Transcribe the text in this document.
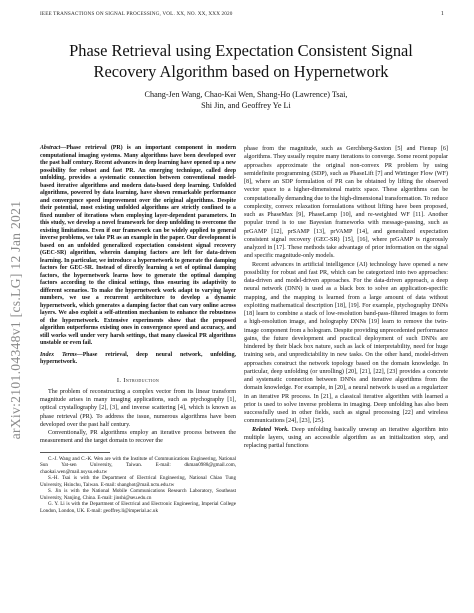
IEEE TRANSACTIONS ON SIGNAL PROCESSING, VOL. XX, NO. XX, XXX 2020	1
Phase Retrieval using Expectation Consistent Signal
Recovery Algorithm based on Hypernetwork
Chang-Jen Wang, Chao-Kai Wen, Shang-Ho (Lawrence) Tsai,
Shi Jin, and Geoffrey Ye Li
arXiv:2101.04348v1 [cs.LG] 12 Jan 2021
Abstract—Phase retrieval (PR) is an important component in modern computational imaging systems. Many algorithms have been developed over the past half century. Recent advances in deep learning have opened up a new possibility for robust and fast PR. An emerging technique, called deep unfolding, provides a systematic connection between conventional model-based iterative algorithms and modern data-based deep learning. Unfolded algorithms, powered by data learning, have shown remarkable performance and convergence speed improvement over the original algorithms. Despite their potential, most existing unfolded algorithms are strictly confined to a fixed number of iterations when employing layer-dependent parameters. In this study, we develop a novel framework for deep unfolding to overcome the existing limitations. Even if our framework can be widely applied to general inverse problems, we take PR as an example in the paper. Our development is based on an unfolded generalized expectation consistent signal recovery (GEC-SR) algorithm, wherein damping factors are left for data-driven learning. In particular, we introduce a hypernetwork to generate the damping factors for GEC-SR. Instead of directly learning a set of optimal damping factors, the hypernetwork learns how to generate the optimal damping factors according to the clinical settings, thus ensuring its adaptivity to different scenarios. To make the hypernetwork work adapt to varying layer numbers, we use a recurrent architecture to develop a dynamic hypernetwork, which generates a damping factor that can vary online across layers. We also exploit a self-attention mechanism to enhance the robustness of the hypernetwork. Extensive experiments show that the proposed algorithm outperforms existing ones in convergence speed and accuracy, and still works well under very harsh settings, that many classical PR algorithms unstable or even fail.
Index Terms—Phase retrieval, deep neural network, unfolding, hypernetwork.
I. Introduction
The problem of reconstructing a complex vector from its linear transform magnitude arises in many imaging applications, such as ptychography [1], optical crystallography [2], [3], and inverse scattering [4], which is known as phase retrieval (PR). To address the issue, numerous algorithms have been developed over the past half century.
Conventionally, PR algorithms employ an iterative process between the measurement and the target domain to recover the

C.-J. Wang and C.-K. Wen are with the Institute of Communications Engineering, National Sun Yat-sen University, Taiwan. E-mail: dkman0988@gmail.com, chaokai.wen@mail.nsysu.edu.tw

S.-H. Tsai is with the Department of Electrical Engineering, National Chiao Tung University, Hsinchu, Taiwan. E-mail: shanghot@mail.nctu.edu.tw

S. Jin is with the National Mobile Communications Research Laboratory, Southeast University, Nanjing, China. E-mail: jinshi@seu.edu.cn

G. Y. Li is with the Department of Electrical and Electronic Engineering, Imperial College London, London, UK. E-mail: geoffrey.li@imperial.ac.uk

phase from the magnitude, such as Gerchberg-Saxton [5] and Fienup [6] algorithms. They usually require many iterations to converge. Some recent popular approaches approximate the original non-convex PR problem by using semidefinite programming (SDP), such as PhaseLift [7] and Wirtinger Flow (WF) [8], where an SDP formulation of PR can be obtained by lifting the observed vector space to a higher-dimensional matrix space. These algorithms can be computationally demanding due to the high-dimensional transformation. To reduce complexity, convex relaxation formulations without lifting have been proposed, such as PhaseMax [9], PhaseLamp [10], and re-weighted WF [11]. Another popular trend is to use Bayesian frameworks with message-passing, such as prGAMP [12], prSAMP [13], prVAMP [14], and generalized expectation consistent signal recovery (GEC-SR) [15], [16], where prGAMP is rigorously analyzed in [17]. These methods take advantage of prior information on the signal and specific magnitude-only models.

Recent advances in artificial intelligence (AI) technology have opened a new possibility for robust and fast PR, which can be categorized into two approaches: data-driven and model-driven approaches. For the data-driven approach, a deep neural network (DNN) is used as a black box to solve an application-specific mapping, and the mapping is learned from a large amount of data without exploiting mathematical description [18], [19]. For example, ptychography DNNs [18] learn to combine a stack of low-resolution band-pass-filtered images to form a high-resolution image, and holography DNNs [19] learn to remove the twin-image component from a hologram. Despite providing unprecedented performance gains, the future development and practical deployment of such DNNs are hindered by their black box nature, such as lack of interpretability, need for huge training sets, and unpredictability in new tasks. On the other hand, model-driven approaches construct the network topology based on the domain knowledge. In particular, deep unfolding (or unrolling) [20], [21], [22], [23] provides a concrete and systematic connection between DNNs and iterative algorithms from the domain knowledge. For example, in [20], a neural network is used as a regularizer in an iterative PR process. In [21], a classical iterative algorithm with learned a prior is used to solve inverse problems in imaging. Deep unfolding has also been successfully used in other fields, such as signal processing [22] and wireless communications [24], [23], [25].

Related Work. Deep unfolding basically unwrap an iterative algorithm into multiple layers, using an accessible algorithm as an initialization step, and replacing partial functions
